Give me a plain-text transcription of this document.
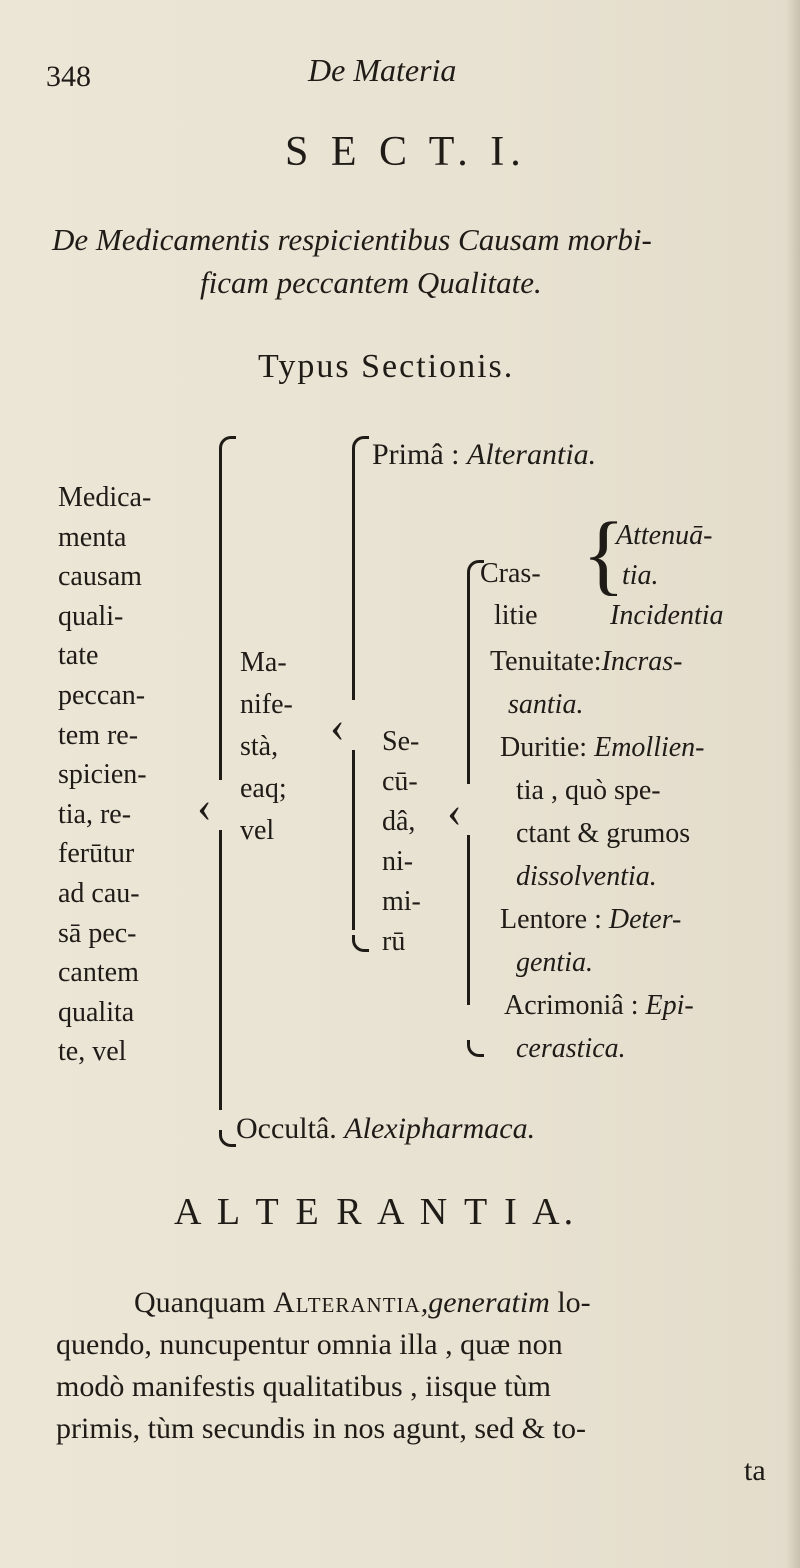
348	De Materia
S E C T. I.
De Medicamentis respicientibus Causam morbi-
ficam peccantem Qualitate.
Typus Sectionis.
Medica-
menta
causam
quali-
tate
peccan-
tem re-
spicien-
tia, re-
ferūtur
ad cau-
sā pec-
cantem
qualita
te, vel
‹
Ma-
nife-
stà,
eaq;
vel
‹ Se-
cū-
dâ,
ni-
mi-
rū
Primâ : Alterantia.
‹
Cras-
litie
{
Attenuā-
tia.
Incidentia
Tenuitate:Incras-
santia.
Duritie: Emollien-
tia , quò spe-
ctant & grumos
dissolventia.
Lentore : Deter-
gentia.
Acrimoniâ : Epi-
cerastica.
Occultâ. Alexipharmaca.
A L T E R A N T I A.
Quanquam Alterantia,generatim lo-
quendo, nuncupentur omnia illa , quæ non
modò manifestis qualitatibus , iisque tùm
primis, tùm secundis in nos agunt, sed & to-
ta
